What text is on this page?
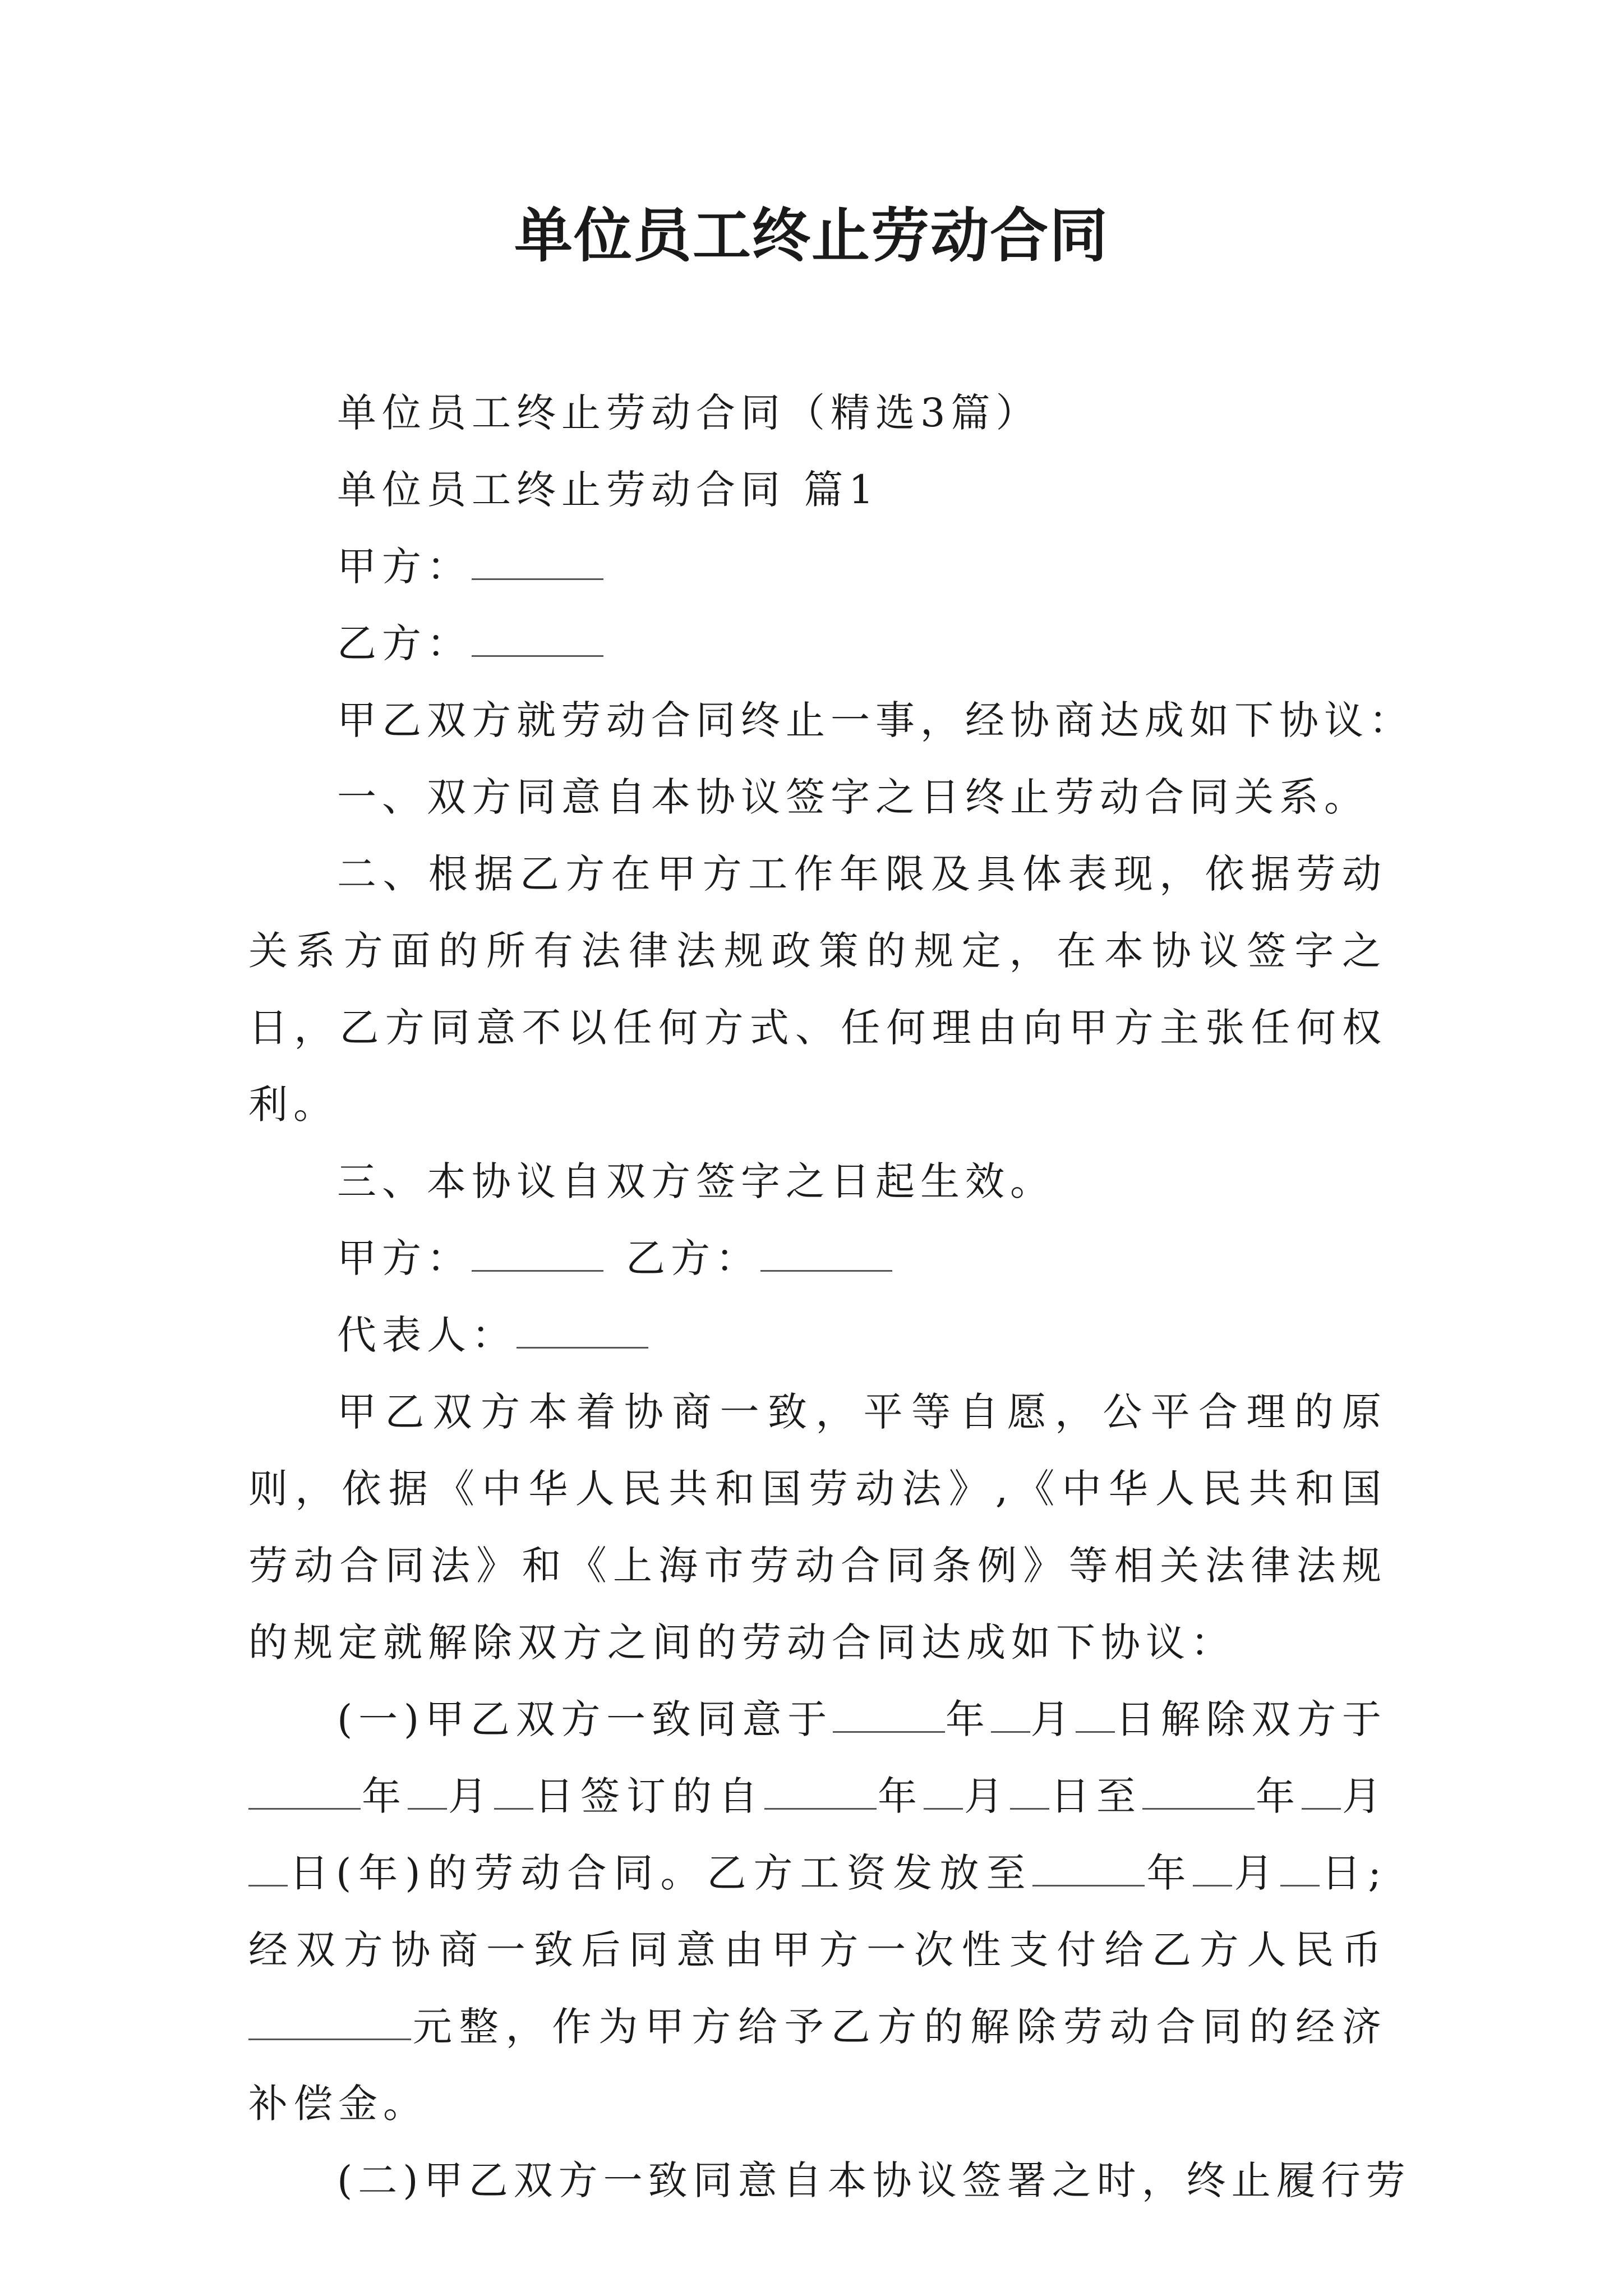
单位员工终止劳动合同

单位员工终止劳动合同（精选3篇）

单位员工终止劳动合同 篇1

甲方：

乙方：

甲乙双方就劳动合同终止一事，经协商达成如下协议：

一、双方同意自本协议签字之日终止劳动合同关系。

二、根据乙方在甲方工作年限及具体表现，依据劳动关系方面的所有法律法规政策的规定，在本协议签字之日，乙方同意不以任何方式、任何理由向甲方主张任何权利。

三、本协议自双方签字之日起生效。

甲方：	乙方：

代表人：

甲乙双方本着协商一致，平等自愿，公平合理的原则，依据《中华人民共和国劳动法》,《中华人民共和国劳动合同法》和《上海市劳动合同条例》等相关法律法规的规定就解除双方之间的劳动合同达成如下协议：

(一)甲乙双方一致同意于	年 月 日解除双方于年 月 日签订的自	年 月 日至	年 月日(年)的劳动合同。乙方工资发放至	年 月 日;经双方协商一致后同意由甲方一次性支付给乙方人民币元整，作为甲方给予乙方的解除劳动合同的经济补偿金。

(二)甲乙双方一致同意自本协议签署之时，终止履行劳
